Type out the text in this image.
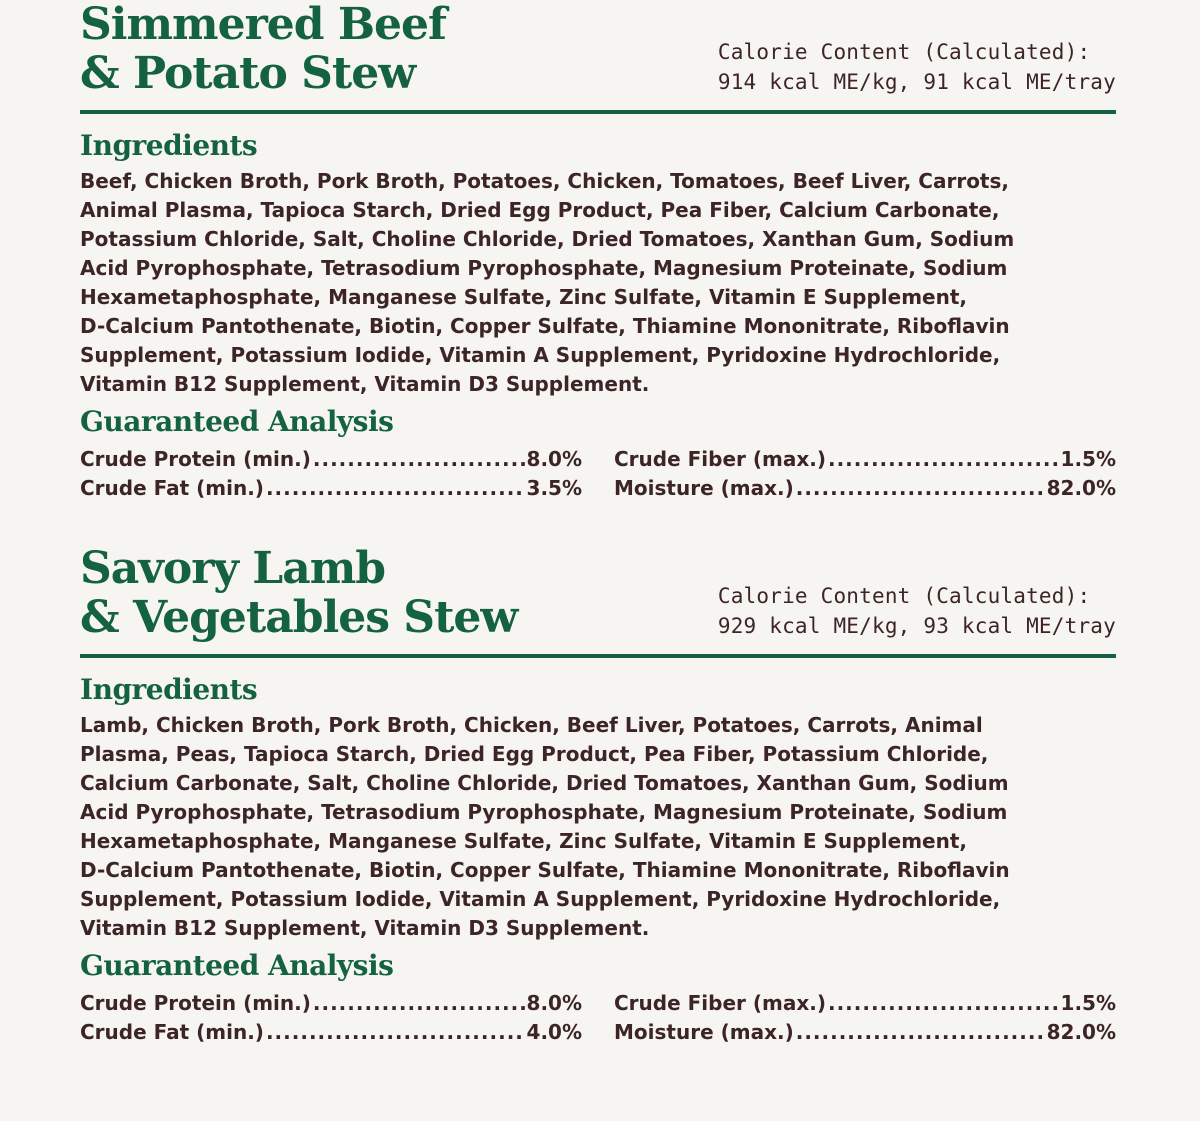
Simmered Beef
& Potato Stew	Calorie Content (Calculated):
914 kcal ME/kg, 91 kcal ME/tray
Ingredients

Beef, Chicken Broth, Pork Broth, Potatoes, Chicken, Tomatoes, Beef Liver, Carrots,
Animal Plasma, Tapioca Starch, Dried Egg Product, Pea Fiber, Calcium Carbonate,
Potassium Chloride, Salt, Choline Chloride, Dried Tomatoes, Xanthan Gum, Sodium
Acid Pyrophosphate, Tetrasodium Pyrophosphate, Magnesium Proteinate, Sodium
Hexametaphosphate, Manganese Sulfate, Zinc Sulfate, Vitamin E Supplement,
D-Calcium Pantothenate, Biotin, Copper Sulfate, Thiamine Mononitrate, Riboflavin
Supplement, Potassium Iodide, Vitamin A Supplement, Pyridoxine Hydrochloride,
Vitamin B12 Supplement, Vitamin D3 Supplement.

Guaranteed Analysis
Crude Protein (min.) .....	8.0%
Crude Fat (min.) .....	3.5%
Crude Fiber (max.) .....	1.5%
Moisture (max.) .....	82.0%
Savory Lamb
& Vegetables Stew	Calorie Content (Calculated):
929 kcal ME/kg, 93 kcal ME/tray
Ingredients

Lamb, Chicken Broth, Pork Broth, Chicken, Beef Liver, Potatoes, Carrots, Animal
Plasma, Peas, Tapioca Starch, Dried Egg Product, Pea Fiber, Potassium Chloride,
Calcium Carbonate, Salt, Choline Chloride, Dried Tomatoes, Xanthan Gum, Sodium
Acid Pyrophosphate, Tetrasodium Pyrophosphate, Magnesium Proteinate, Sodium
Hexametaphosphate, Manganese Sulfate, Zinc Sulfate, Vitamin E Supplement,
D-Calcium Pantothenate, Biotin, Copper Sulfate, Thiamine Mononitrate, Riboflavin
Supplement, Potassium Iodide, Vitamin A Supplement, Pyridoxine Hydrochloride,
Vitamin B12 Supplement, Vitamin D3 Supplement.

Guaranteed Analysis
Crude Protein (min.) .....	8.0%
Crude Fat (min.) .....	4.0%
Crude Fiber (max.) .....	1.5%
Moisture (max.) .....	82.0%
